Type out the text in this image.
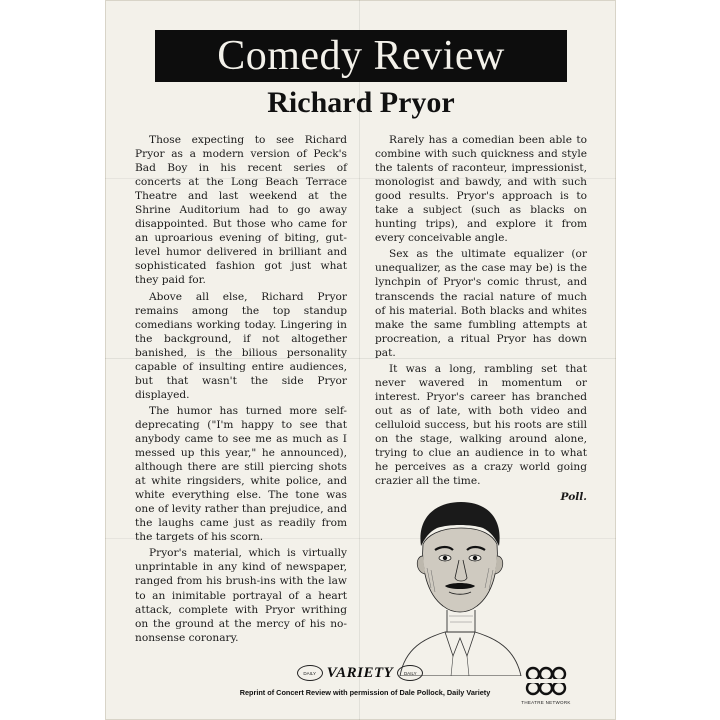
Comedy Review
Richard Pryor

Those expecting to see Richard Pryor as a modern version of Peck's Bad Boy in his recent series of concerts at the Long Beach Terrace Theatre and last weekend at the Shrine Auditorium had to go away disappointed. But those who came for an uproarious evening of biting, gut-level humor delivered in brilliant and sophisticated fashion got just what they paid for.

Above all else, Richard Pryor remains among the top standup comedians working today. Lingering in the background, if not altogether banished, is the bilious personality capable of insulting entire audiences, but that wasn't the side Pryor displayed.

The humor has turned more self-deprecating ("I'm happy to see that anybody came to see me as much as I messed up this year," he announced), although there are still piercing shots at white ringsiders, white police, and white everything else. The tone was one of levity rather than prejudice, and the laughs came just as readily from the targets of his scorn.

Pryor's material, which is virtually unprintable in any kind of newspaper, ranged from his brush-ins with the law to an inimitable portrayal of a heart attack, complete with Pryor writhing on the ground at the mercy of his no-nonsense coronary.

Rarely has a comedian been able to combine with such quickness and style the talents of raconteur, impressionist, monologist and bawdy, and with such good results. Pryor's approach is to take a subject (such as blacks on hunting trips), and explore it from every conceivable angle.

Sex as the ultimate equalizer (or unequalizer, as the case may be) is the lynchpin of Pryor's comic thrust, and transcends the racial nature of much of his material. Both blacks and whites make the same fumbling attempts at procreation, a ritual Pryor has down pat.

It was a long, rambling set that never wavered in momentum or interest. Pryor's career has branched out as of late, with both video and celluloid success, but his roots are still on the stage, walking around alone, trying to clue an audience in to what he perceives as a crazy world going crazier all the time.

Poll.
DAILY VARIETY	DAILY
Reprint of Concert Review with permission of Dale Pollock, Daily Variety
THEATRE NETWORK
